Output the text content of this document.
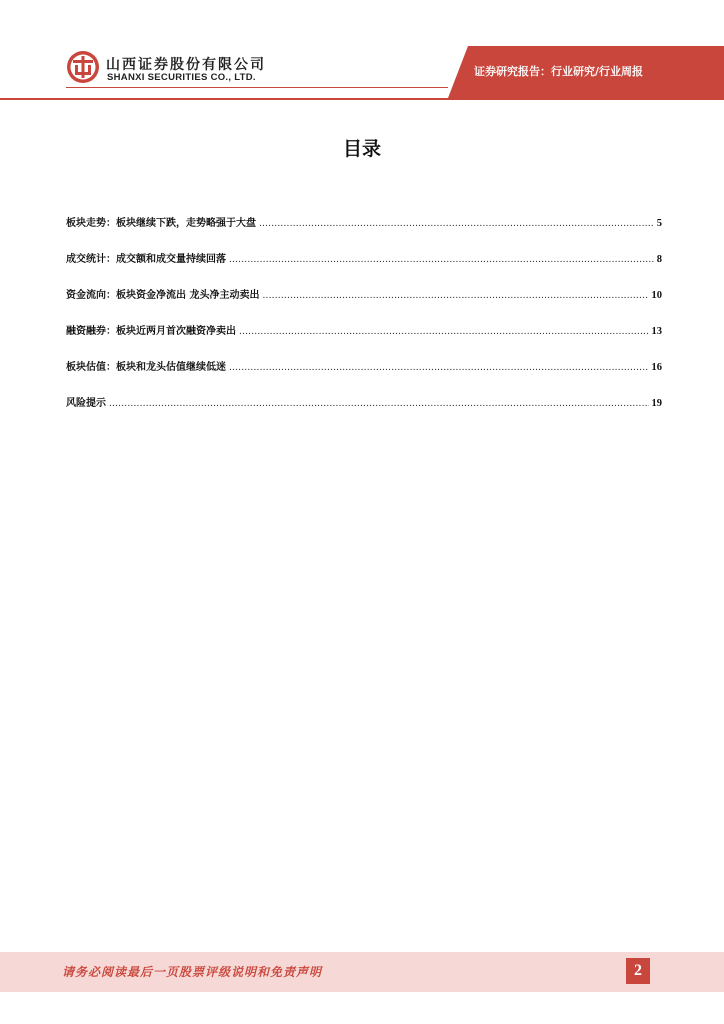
山西证券股份有限公司
SHANXI SECURITIES CO., LTD.	证券研究报告：行业研究/行业周报
目录
板块走势：板块继续下跌，走势略强于大盘 .....	5
成交统计：成交额和成交量持续回落 .....	8
资金流向：板块资金净流出 龙头净主动卖出 .....	10
融资融券：板块近两月首次融资净卖出 .....	13
板块估值：板块和龙头估值继续低迷 .....	16
风险提示 .....	19
请务必阅读最后一页股票评级说明和免责声明	2
